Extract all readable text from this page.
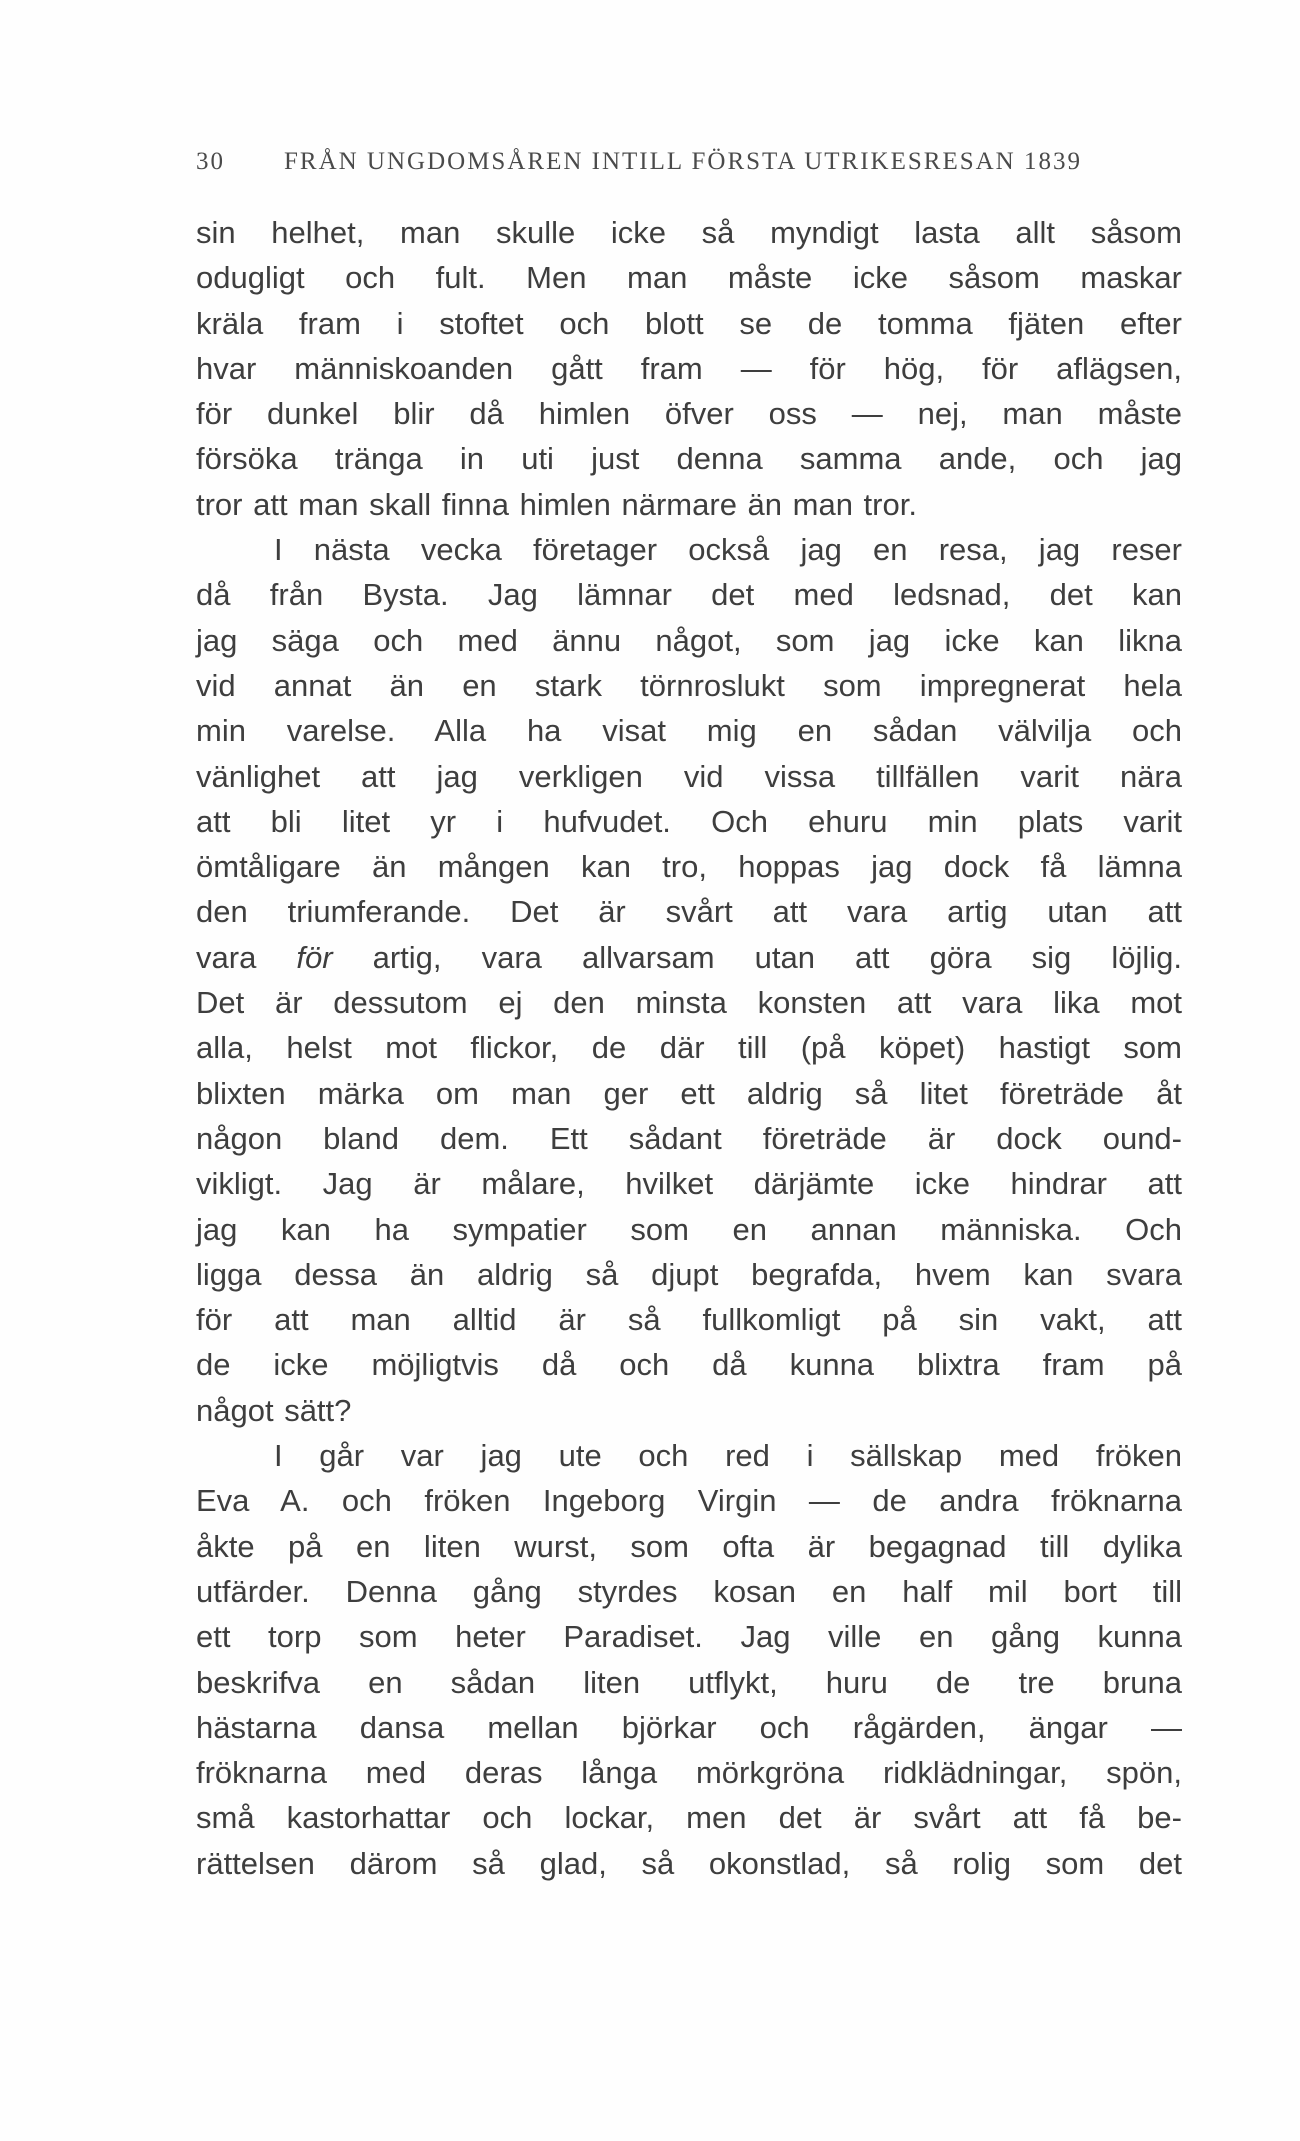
30 FRÅN UNGDOMSÅREN INTILL FÖRSTA UTRIKESRESAN 1839
sin helhet, man skulle icke så myndigt lasta allt såsom
odugligt och fult. Men man måste icke såsom maskar
kräla fram i stoftet och blott se de tomma fjäten efter
hvar människoanden gått fram — för hög, för aflägsen,
för dunkel blir då himlen öfver oss — nej, man måste
försöka tränga in uti just denna samma ande, och jag
tror att man skall finna himlen närmare än man tror.
I nästa vecka företager också jag en resa, jag reser
då från Bysta. Jag lämnar det med ledsnad, det kan
jag säga och med ännu något, som jag icke kan likna
vid annat än en stark törnroslukt som impregnerat hela
min varelse. Alla ha visat mig en sådan välvilja och
vänlighet att jag verkligen vid vissa tillfällen varit nära
att bli litet yr i hufvudet. Och ehuru min plats varit
ömtåligare än mången kan tro, hoppas jag dock få lämna
den triumferande. Det är svårt att vara artig utan att
vara för artig, vara allvarsam utan att göra sig löjlig.
Det är dessutom ej den minsta konsten att vara lika mot
alla, helst mot flickor, de där till (på köpet) hastigt som
blixten märka om man ger ett aldrig så litet företräde åt
någon bland dem. Ett sådant företräde är dock ound-
vikligt. Jag är målare, hvilket därjämte icke hindrar att
jag kan ha sympatier som en annan människa. Och
ligga dessa än aldrig så djupt begrafda, hvem kan svara
för att man alltid är så fullkomligt på sin vakt, att
de icke möjligtvis då och då kunna blixtra fram på
något sätt?
I går var jag ute och red i sällskap med fröken
Eva A. och fröken Ingeborg Virgin — de andra fröknarna
åkte på en liten wurst, som ofta är begagnad till dylika
utfärder. Denna gång styrdes kosan en half mil bort till
ett torp som heter Paradiset. Jag ville en gång kunna
beskrifva en sådan liten utflykt, huru de tre bruna
hästarna dansa mellan björkar och rågärden, ängar —
fröknarna med deras långa mörkgröna ridklädningar, spön,
små kastorhattar och lockar, men det är svårt att få be-
rättelsen därom så glad, så okonstlad, så rolig som det
